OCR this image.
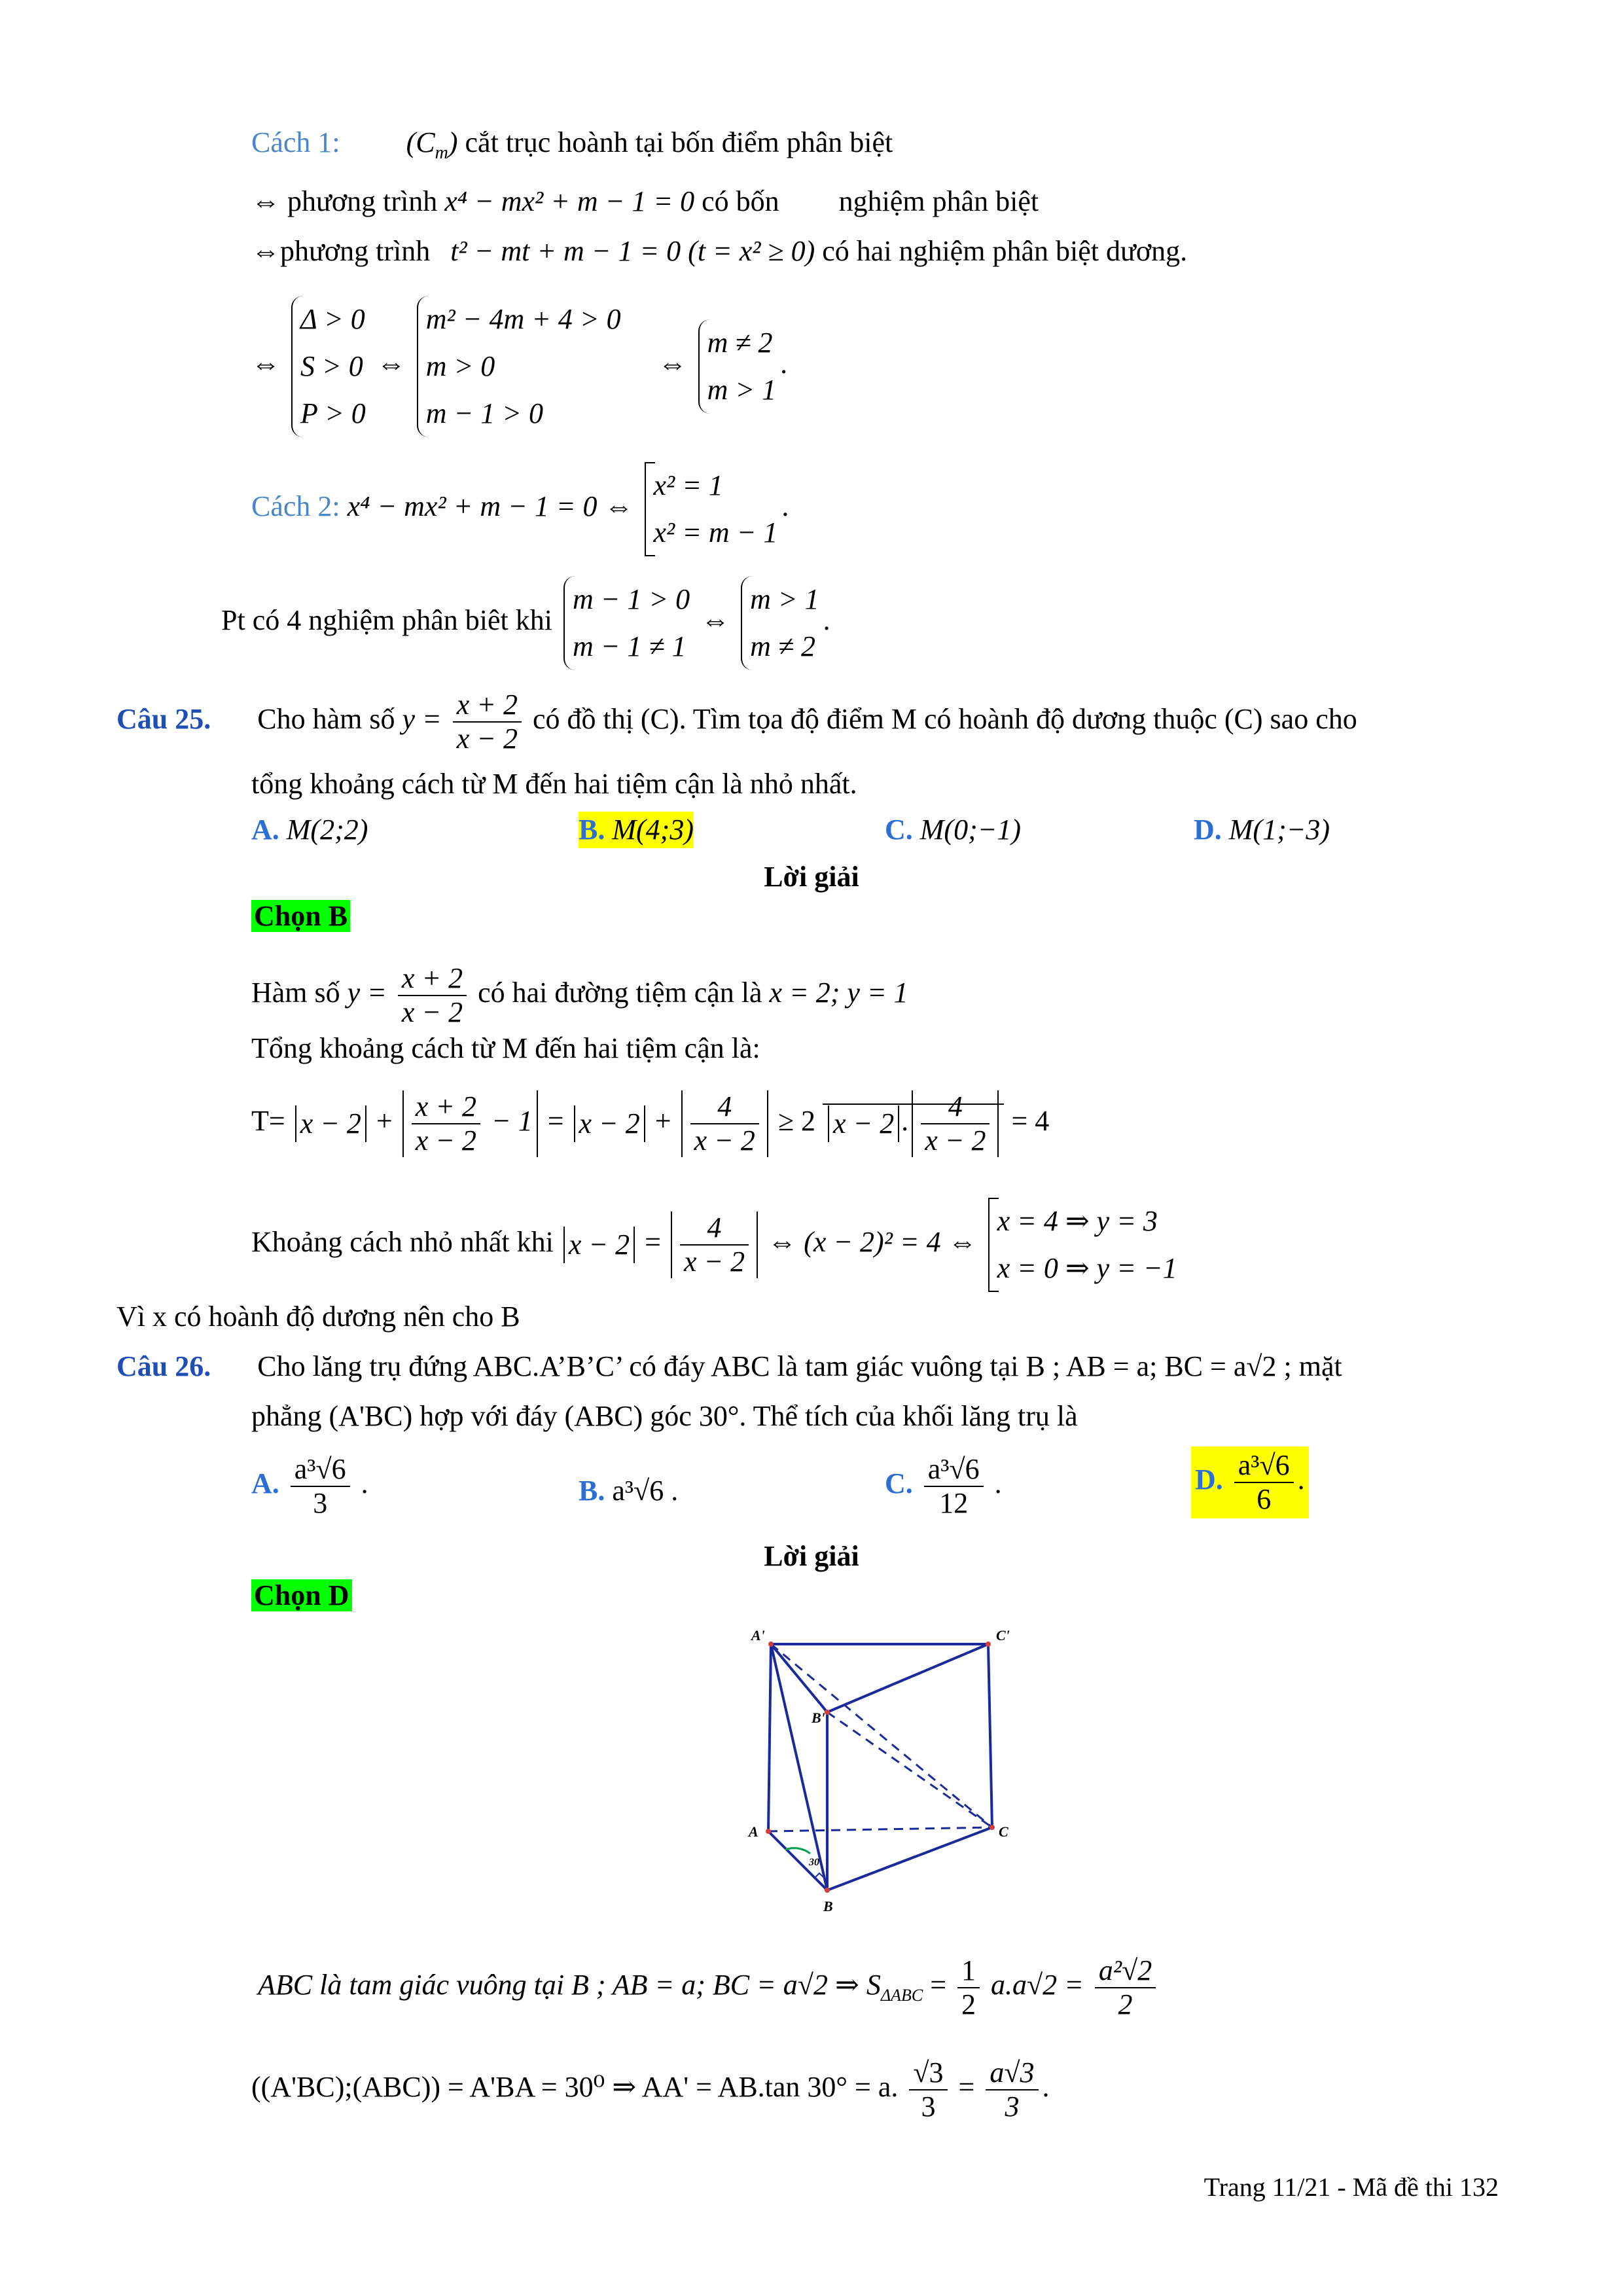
Cách 1: $(C_m)$ cắt trục hoành tại bốn điểm phân biệt
⇔ phương trình x⁴ − mx² + m − 1 = 0 có bốn nghiệm phân biệt
⇔phương trình t² − mt + m − 1 = 0 (t = x² ≥ 0) có hai nghiệm phân biệt dương.
⇔
Δ > 0
S > 0
P > 0
⇔
m² − 4m + 4 > 0
m > 0
m − 1 > 0
⇔
m ≠ 2
m > 1
.
Cách 2: x⁴ − mx² + m − 1 = 0 ⇔
x² = 1
x² = m − 1
.
Pt có 4 nghiệm phân biêt khi
m − 1 > 0
m − 1 ≠ 1
⇔
m > 1
m ≠ 2
.
Câu 25. Cho hàm số $y = \frac{x + 2}{x - 2}$ có đồ thị (C). Tìm tọa độ điểm M có hoành độ dương thuộc (C) sao cho
tổng khoảng cách từ M đến hai tiệm cận là nhỏ nhất.
A. M(2;2)	B. M(4;3)	C. M(0;−1)	D. M(1;−3)
Lời giải
Chọn B
Hàm số $y = \frac{x + 2}{x - 2}$ có hai đường tiệm cận là x = 2; y = 1
Tổng khoảng cách từ M đến hai tiệm cận là:
$T= x - 2 + \frac{x + 2}{x - 2} - 1 = x - 2 + \frac{4}{x - 2} \ge 2$ x − 2 . $\frac{4}{x - 2} = 4$
Khoảng cách nhỏ nhất khi $x - 2 = \frac{4}{x - 2}$ ⇔ (x − 2)² = 4 ⇔
x = 4 ⇒ y = 3
x = 0 ⇒ y = −1
Vì x có hoành độ dương nên cho B
Câu 26. Cho lăng trụ đứng ABC.A’B’C’ có đáy ABC là tam giác vuông tại B ; AB = a; BC = a√2 ; mặt
phẳng (A'BC) hợp với đáy (ABC) góc 30°. Thể tích của khối lăng trụ là
A. $\frac{\text{a³√6}}{3}$ .	B. a³√6 .	C. $\frac{\text{a³√6}}{12}$ .	D. $\frac{\text{a³√6}}{6}$ .
Lời giải
Chọn D
A'	C'
B'
A	C
B
30
ABC là tam giác vuông tại B ; AB = a; BC = a√2 ⇒ $S_{\Delta ABC} = \frac{1}{2} a.a√2 = \frac{\text{a²√2}}{2}$
((A'BC);(ABC)) = A'BA = 30⁰ ⇒ AA' = AB.tan 30° = a. $\frac{√3}{3} = \frac{a√3}{3}$ .
Trang 11/21 - Mã đề thi 132
